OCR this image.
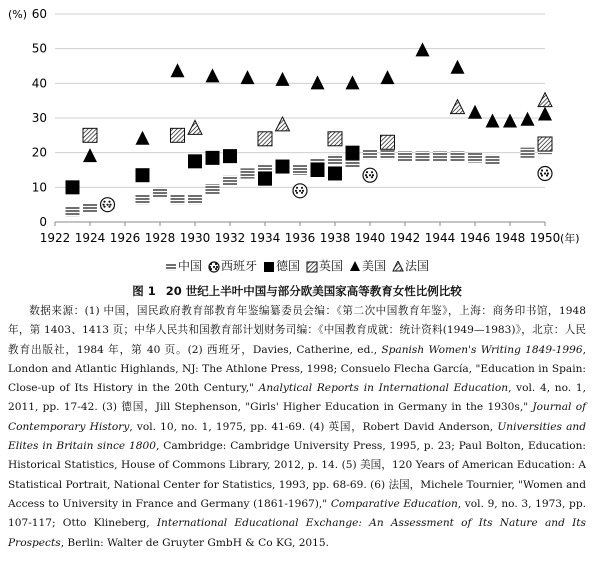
0
10
20
30
40
50
60
1922 1924 1926 1928 1930 1932 1934 1936 1938 1940 1942 1944 1946 1948 1950
(%)
(年)
中国 西班牙 德国 英国 美国 法国
图 1 20 世纪上半叶中国与部分欧美国家高等教育女性比例比较

数据来源：(1) 中国，国民政府教育部教育年鉴编纂委员会编：《第二次中国教育年鉴》，上海：商务印书馆，1948 年，第 1403、1413 页；中华人民共和国教育部计划财务司编：《中国教育成就：统计资料(1949—1983)》，北京：人民教育出版社，1984 年，第 40 页。(2) 西班牙，Davies, Catherine, ed., Spanish Women's Writing 1849-1996, London and Atlantic Highlands, NJ: The Athlone Press, 1998; Consuelo Flecha García, "Education in Spain: Close-up of Its History in the 20th Century," Analytical Reports in International Education, vol. 4, no. 1, 2011, pp. 17-42. (3) 德国，Jill Stephenson, "Girls' Higher Education in Germany in the 1930s," Journal of Contemporary History, vol. 10, no. 1, 1975, pp. 41-69. (4) 英国，Robert David Anderson, Universities and Elites in Britain since 1800, Cambridge: Cambridge University Press, 1995, p. 23; Paul Bolton, Education: Historical Statistics, House of Commons Library, 2012, p. 14. (5) 美国，120 Years of American Education: A Statistical Portrait, National Center for Statistics, 1993, pp. 68-69. (6) 法国，Michele Tournier, "Women and Access to University in France and Germany (1861-1967)," Comparative Education, vol. 9, no. 3, 1973, pp. 107-117; Otto Klineberg, International Educational Exchange: An Assessment of Its Nature and Its Prospects, Berlin: Walter de Gruyter GmbH & Co KG, 2015.
